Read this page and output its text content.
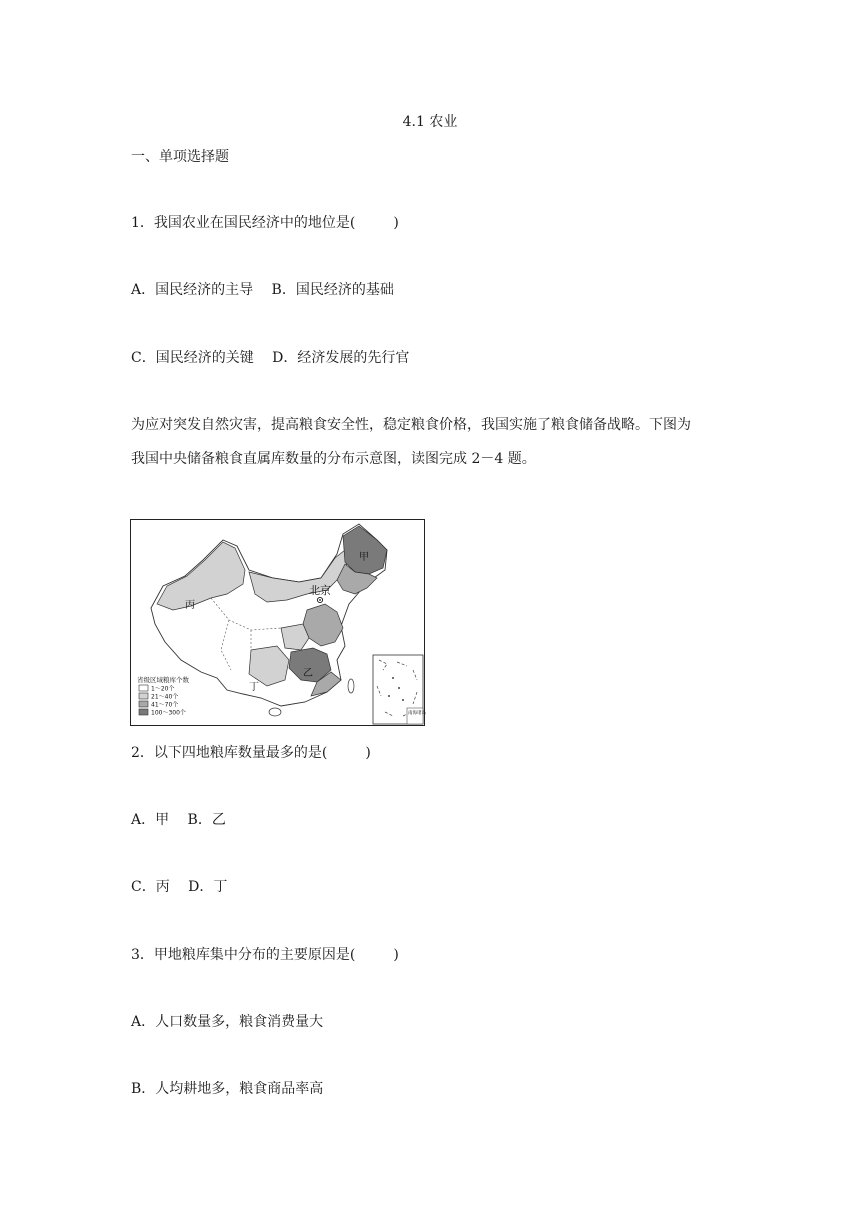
4.1 农业
一、单项选择题
1．我国农业在国民经济中的地位是(	)
A．国民经济的主导　 B．国民经济的基础
C．国民经济的关键　 D．经济发展的先行官
为应对突发自然灾害，提高粮食安全性，稳定粮食价格，我国实施了粮食储备战略。下图为
我国中央储备粮食直属库数量的分布示意图，读图完成 2－4 题。
甲
北京
丙
乙
丁
省级区域粮库个数
1～20个
21～40个
41～70个
100～300个	南海诸岛
2．以下四地粮库数量最多的是(	)
A．甲　 B．乙
C．丙　 D．丁
3．甲地粮库集中分布的主要原因是(	)
A．人口数量多，粮食消费量大
B．人均耕地多，粮食商品率高
